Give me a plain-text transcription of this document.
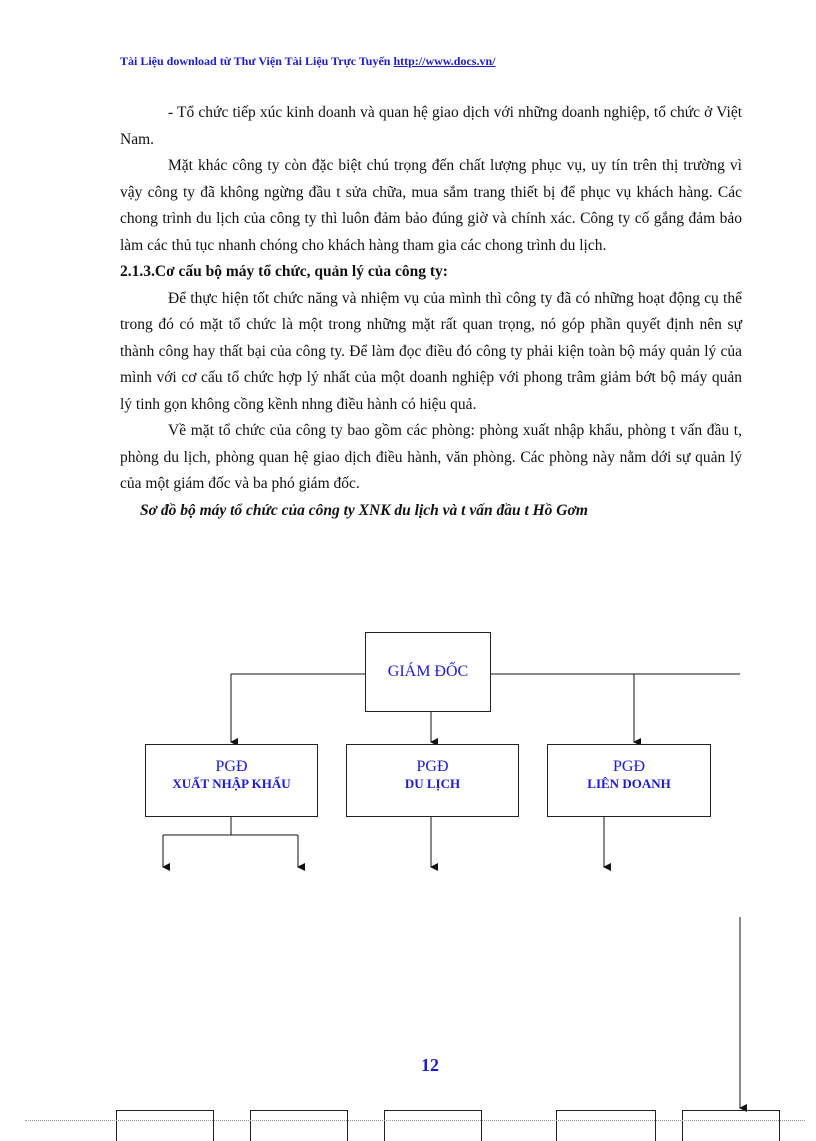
Tài Liệu download từ Thư Viện Tài Liệu Trực Tuyến http://www.docs.vn/

- Tổ chức tiếp xúc kinh doanh và quan hệ giao dịch với những doanh nghiệp, tổ chức ở Việt Nam.

Mặt khác công ty còn đặc biệt chú trọng đến chất lượng phục vụ, uy tín trên thị trường vì vậy công ty đã không ngừng đầu t sửa chữa, mua sắm trang thiết bị để phục vụ khách hàng. Các chong trình du lịch của công ty thì luôn đảm bảo đúng giờ và chính xác. Công ty cố gắng đảm bảo làm các thủ tục nhanh chóng cho khách hàng tham gia các chong trình du lịch.

2.1.3.Cơ cấu bộ máy tổ chức, quản lý của công ty:

Để thực hiện tốt chức năng và nhiệm vụ của mình thì công ty đã có những hoạt động cụ thể trong đó có mặt tổ chức là một trong những mặt rất quan trọng, nó góp phần quyết định nên sự thành công hay thất bại của công ty. Để làm đọc điều đó công ty phải kiện toàn bộ máy quản lý của mình với cơ cấu tổ chức hợp lý nhất của một doanh nghiệp với phong trâm giảm bớt bộ máy quản lý tinh gọn không cồng kềnh nhng điều hành có hiệu quả.

Về mặt tổ chức của công ty bao gồm các phòng: phòng xuất nhập khẩu, phòng t vấn đầu t, phòng du lịch, phòng quan hệ giao dịch điều hành, văn phòng. Các phòng này nằm dới sự quản lý của một giám đốc và ba phó giám đốc.

Sơ đồ bộ máy tổ chức của công ty XNK du lịch và t vấn đầu t Hồ Gơm

GIÁM ĐỐC
PGĐ
XUẤT NHẬP KHẨU
PGĐ
DU LỊCH
PGĐ
LIÊN DOANH
12
